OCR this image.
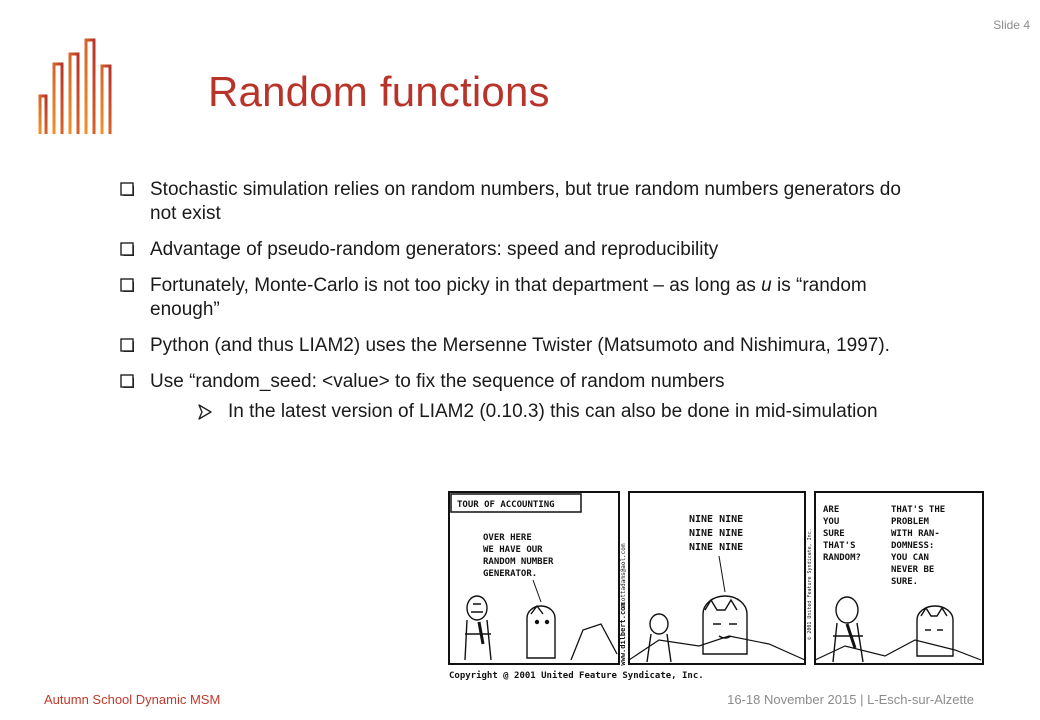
Slide 4
Random functions
Stochastic simulation relies on random numbers, but true random numbers generators do not exist
Advantage of pseudo-random generators: speed and reproducibility
Fortunately, Monte-Carlo is not too picky in that department – as long as u is “random enough”
Python (and thus LIAM2) uses the Mersenne Twister (Matsumoto and Nishimura, 1997).
Use “random_seed: <value> to fix the sequence of random numbers
In the latest version of LIAM2 (0.10.3) this can also be done in mid-simulation
TOUR OF ACCOUNTING
OVER HERE WE HAVE OUR RANDOM NUMBER GENERATOR.
NINE NINE NINE NINE NINE NINE
ARE YOU SURE THAT'S RANDOM?
THAT'S THE PROBLEM WITH RAN- DOMNESS: YOU CAN NEVER BE SURE.
scottadams@aol.com
www.dilbert.com	© 2001 United Feature Syndicate, Inc.
Copyright @ 2001 United Feature Syndicate, Inc.
Autumn School Dynamic MSM	16-18 November 2015 | L-Esch-sur-Alzette
